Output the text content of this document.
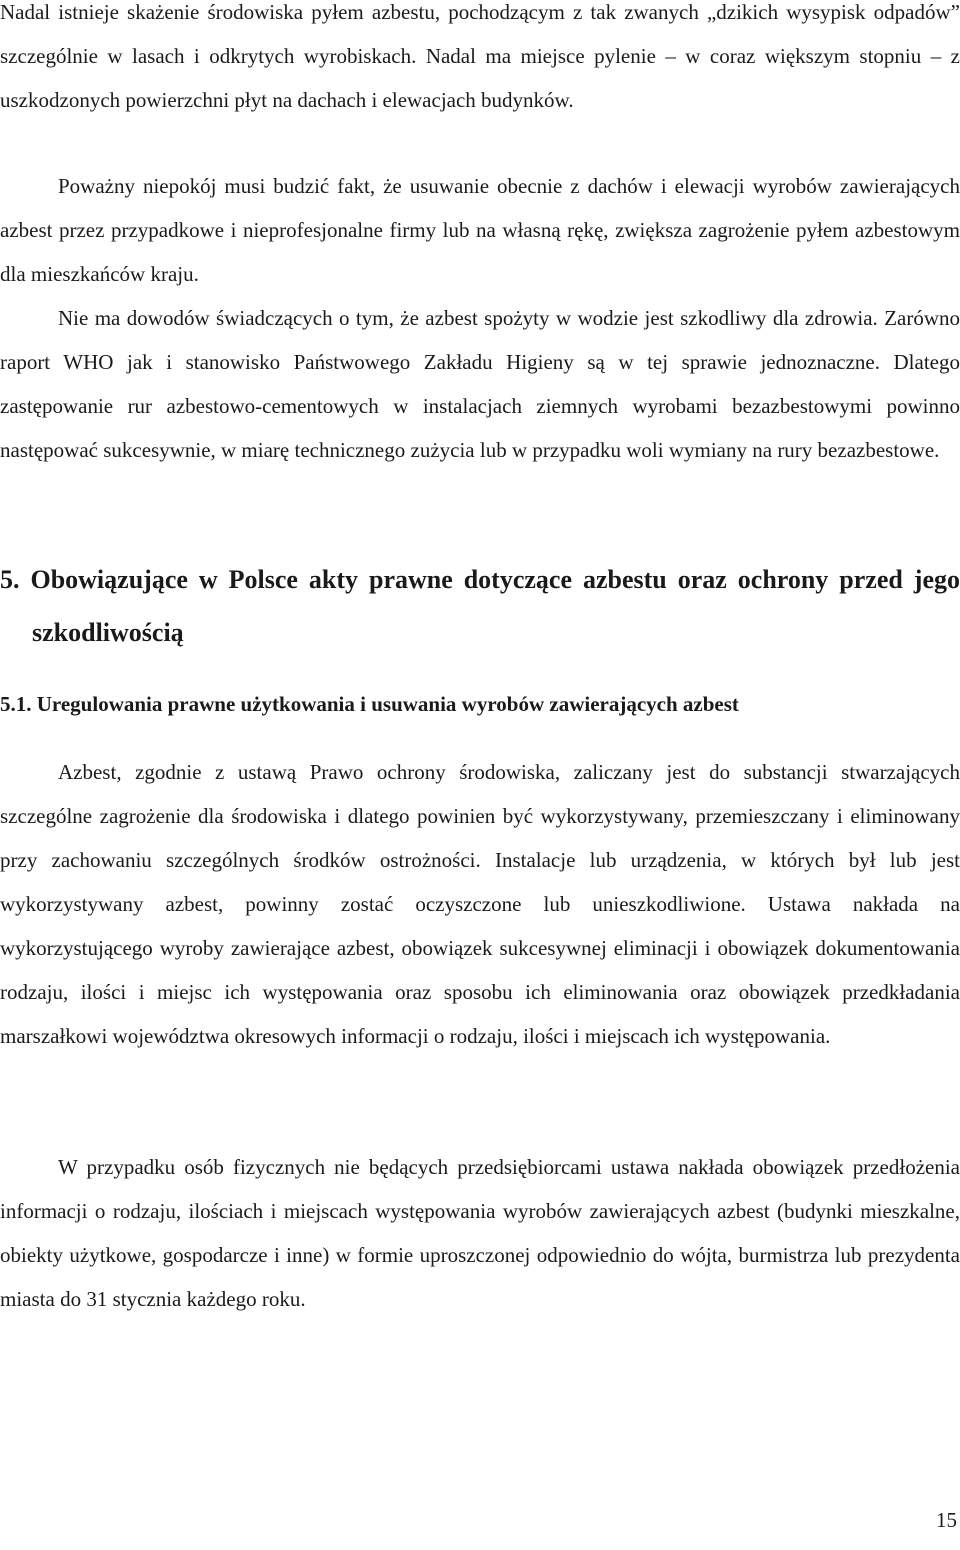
Nadal istnieje skażenie środowiska pyłem azbestu, pochodzącym z tak zwanych „dzikich wysypisk odpadów” szczególnie w lasach i odkrytych wyrobiskach. Nadal ma miejsce pylenie – w coraz większym stopniu – z uszkodzonych powierzchni płyt na dachach i elewacjach budynków.

Poważny niepokój musi budzić fakt, że usuwanie obecnie z dachów i elewacji wyrobów zawierających azbest przez przypadkowe i nieprofesjonalne firmy lub na własną rękę, zwiększa zagrożenie pyłem azbestowym dla mieszkańców kraju.

Nie ma dowodów świadczących o tym, że azbest spożyty w wodzie jest szkodliwy dla zdrowia. Zarówno raport WHO jak i stanowisko Państwowego Zakładu Higieny są w tej sprawie jednoznaczne. Dlatego zastępowanie rur azbestowo-cementowych w instalacjach ziemnych wyrobami bezazbestowymi powinno następować sukcesywnie, w miarę technicznego zużycia lub w przypadku woli wymiany na rury bezazbestowe.

5. Obowiązujące w Polsce akty prawne dotyczące azbestu oraz ochrony przed jego szkodliwością
5.1. Uregulowania prawne użytkowania i usuwania wyrobów zawierających azbest

Azbest, zgodnie z ustawą Prawo ochrony środowiska, zaliczany jest do substancji stwarzających szczególne zagrożenie dla środowiska i dlatego powinien być wykorzystywany, przemieszczany i eliminowany przy zachowaniu szczególnych środków ostrożności. Instalacje lub urządzenia, w których był lub jest wykorzystywany azbest, powinny zostać oczyszczone lub unieszkodliwione. Ustawa nakłada na wykorzystującego wyroby zawierające azbest, obowiązek sukcesywnej eliminacji i obowiązek dokumentowania rodzaju, ilości i miejsc ich występowania oraz sposobu ich eliminowania oraz obowiązek przedkładania marszałkowi województwa okresowych informacji o rodzaju, ilości i miejscach ich występowania.

W przypadku osób fizycznych nie będących przedsiębiorcami ustawa nakłada obowiązek przedłożenia informacji o rodzaju, ilościach i miejscach występowania wyrobów zawierających azbest (budynki mieszkalne, obiekty użytkowe, gospodarcze i inne) w formie uproszczonej odpowiednio do wójta, burmistrza lub prezydenta miasta do 31 stycznia każdego roku.

15
